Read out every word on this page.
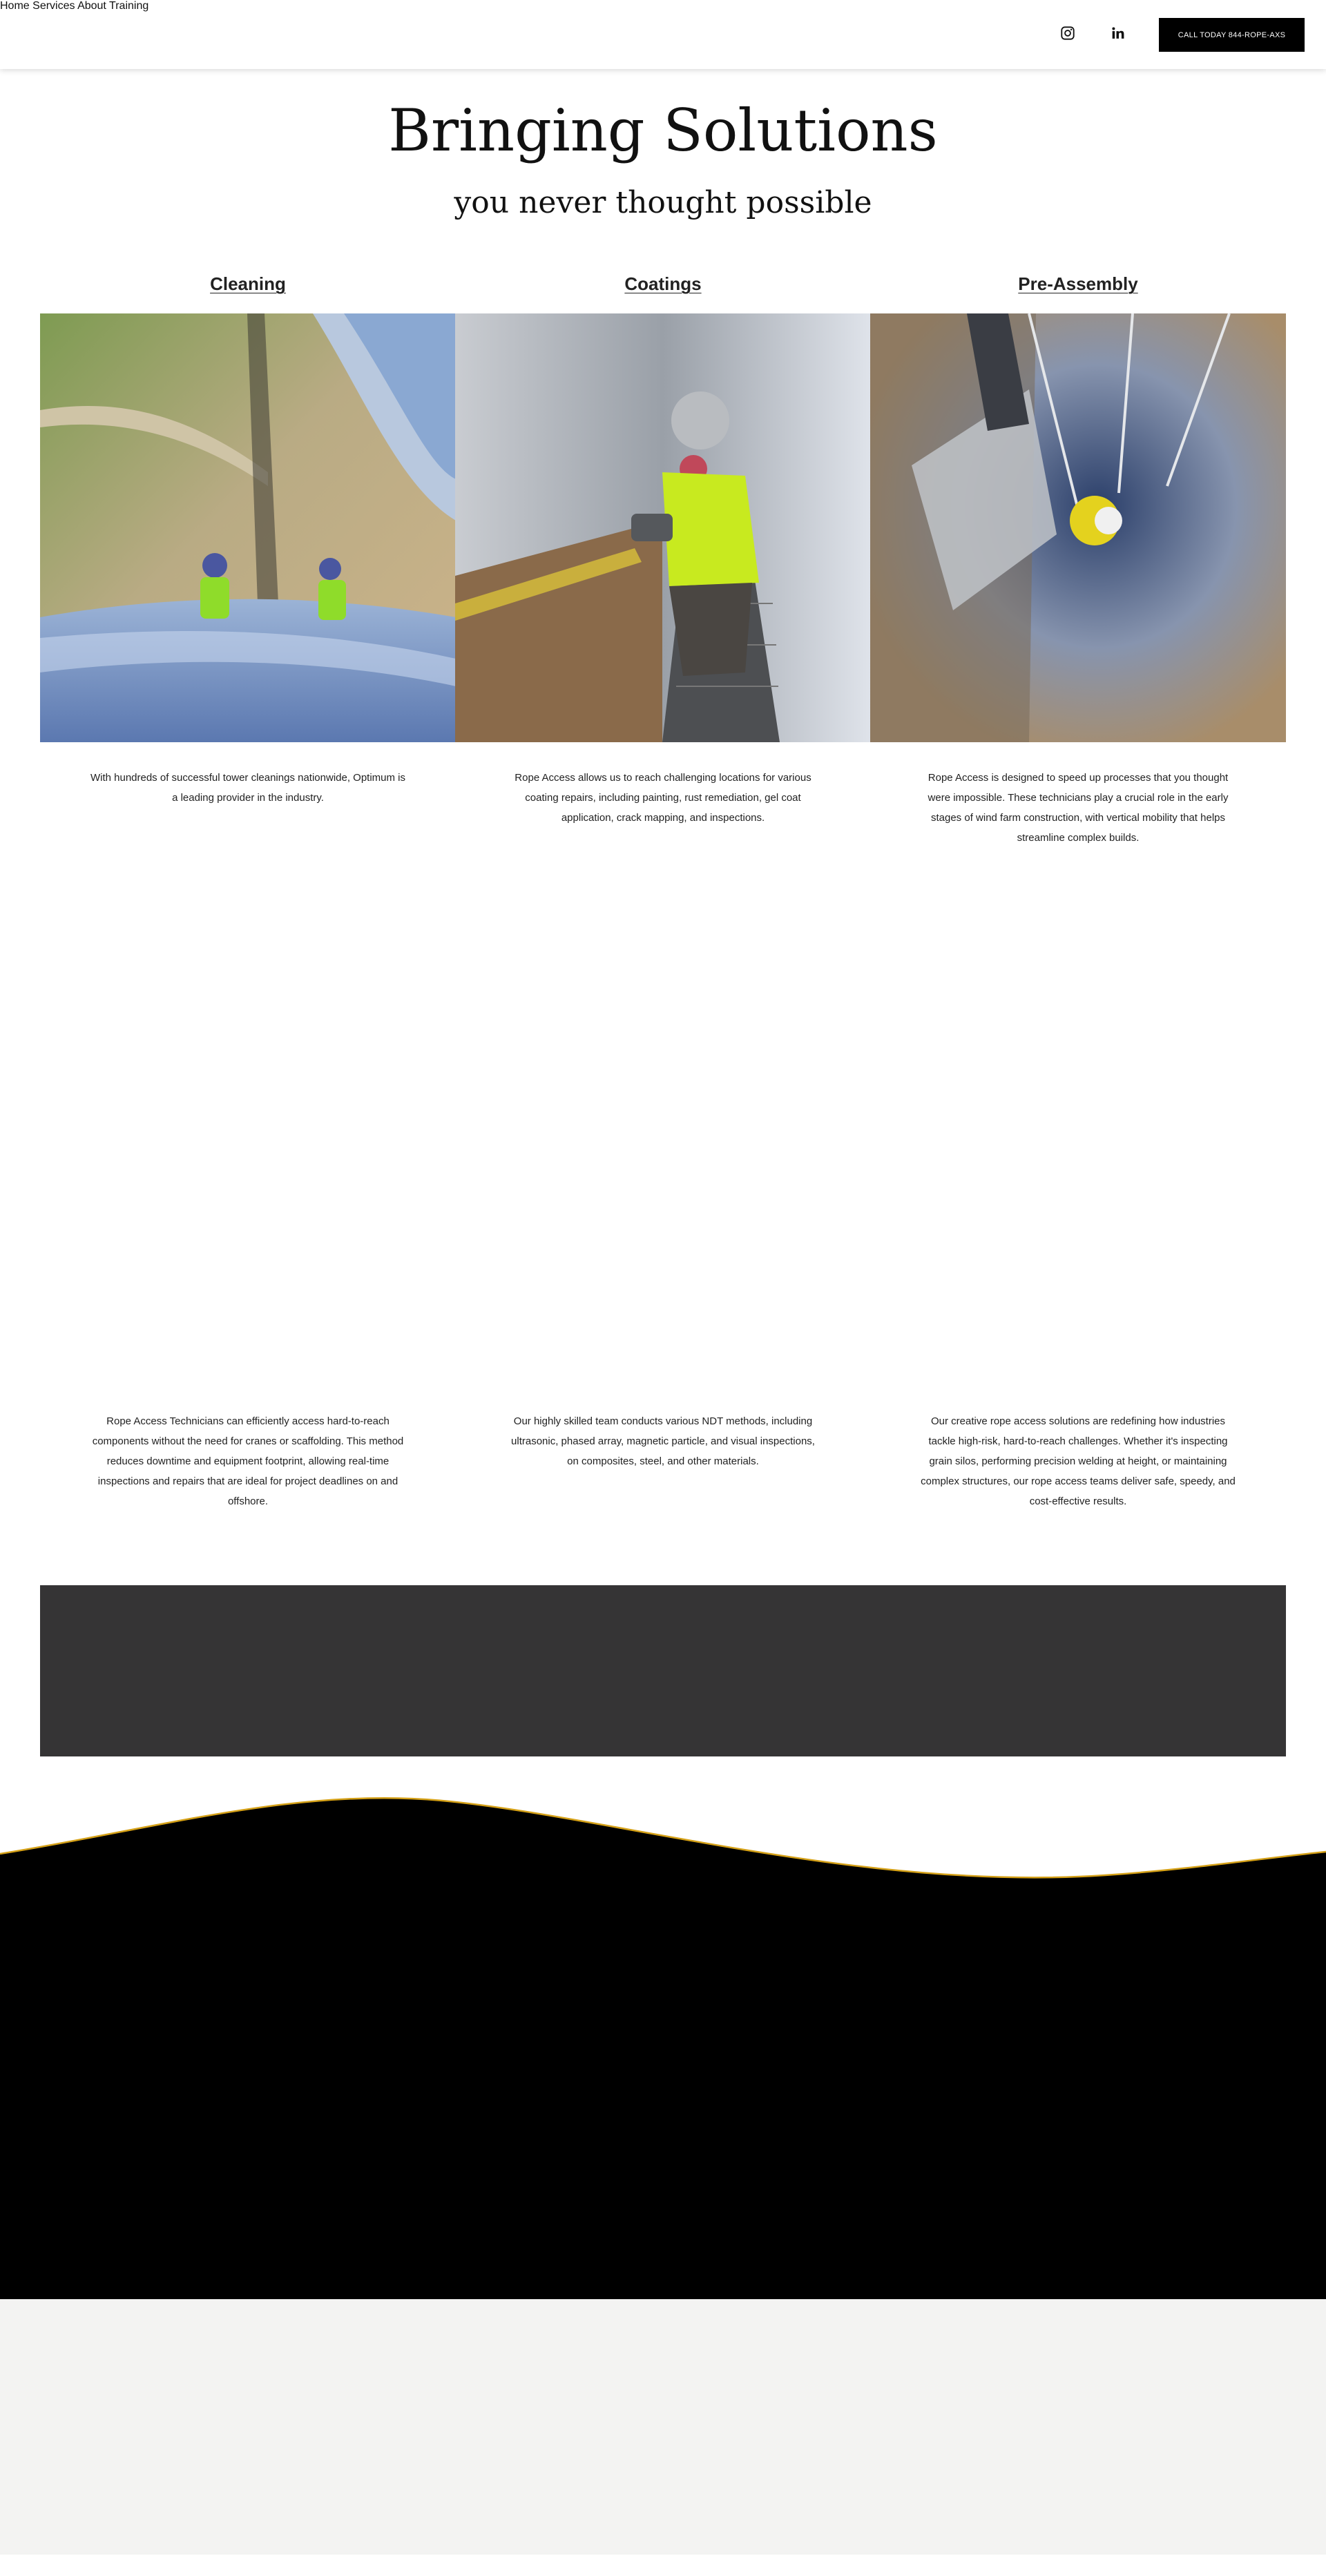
Home Services About Training
CALL TODAY 844-ROPE-AXS
Bringing Solutions
you never thought possible
Cleaning	Coatings	Pre-Assembly

With hundreds of successful tower cleanings nationwide, Optimum is a leading provider in the industry.

Rope Access allows us to reach challenging locations for various coating repairs, including painting, rust remediation, gel coat application, crack mapping, and inspections.

Rope Access is designed to speed up processes that you thought were impossible. These technicians play a crucial role in the early stages of wind farm construction, with vertical mobility that helps streamline complex builds.

Rope Access Technicians can efficiently access hard-to-reach components without the need for cranes or scaffolding. This method reduces downtime and equipment footprint, allowing real-time inspections and repairs that are ideal for project deadlines on and offshore.

Our highly skilled team conducts various NDT methods, including ultrasonic, phased array, magnetic particle, and visual inspections, on composites, steel, and other materials.

Our creative rope access solutions are redefining how industries tackle high-risk, hard-to-reach challenges. Whether it's inspecting grain silos, performing precision welding at height, or maintaining complex structures, our rope access teams deliver safe, speedy, and cost-effective results.
